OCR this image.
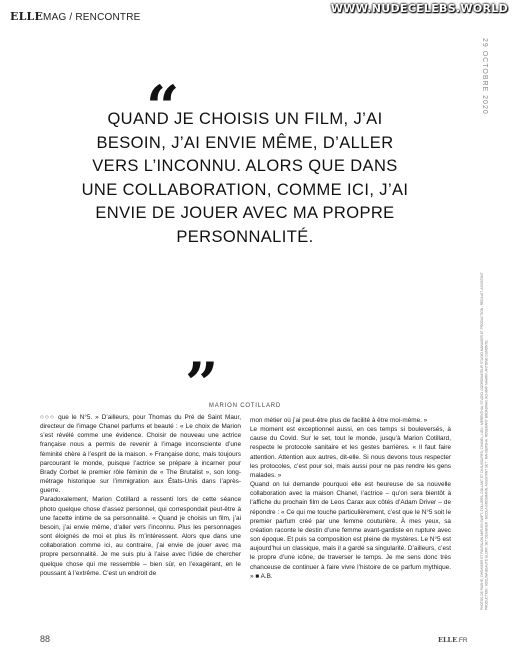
WWW.NUDECELEBS.WORLD
ELLEMAG / RENCONTRE
29 OCTOBRE 2020
PHOTOS DE RAGHE, CHEMISIER ET PANTALON AMPLES SWIFT, COLLIERS, COLLANT ET CHAUSSURES, CHANEL, LIEU : MERENTHAL STUDIO. COORDINATEUR STUDIO MANAGER ET PRODUCTION : RÉDA AIT. ASSISTANT PRODUCTION : ADELINA BEAUTÉ GLORY. SET DESIGNER : NICOLA GROSMANN. ASSISTANT SET : MAHSERSHA. ROSEMARY BROADWAY, ACHRAF MAARIF, ANTOINE DUMONTE.
“
QUAND JE CHOISIS UN FILM, J’AI BESOIN, J’AI ENVIE MÊME, D’ALLER VERS L’INCONNU. ALORS QUE DANS UNE COLLABORATION, COMME ICI, J’AI ENVIE DE JOUER AVEC MA PROPRE PERSONNALITÉ.
”
MARION COTILLARD

○○○ que le N°5. » D’ailleurs, pour Thomas du Pré de Saint Maur, directeur de l’image Chanel parfums et beauté : « Le choix de Marion s’est révélé comme une évidence. Choisir de nouveau une actrice française nous a permis de revenir à l’image inconsciente d’une féminité chère à l’esprit de la maison. » Française donc, mais toujours parcourant le monde, puisque l’actrice se prépare à incarner pour Brady Corbet le premier rôle féminin de « The Brutalist », son long-métrage historique sur l’immigration aux États-Unis dans l’après-guerre.

Paradoxalement, Marion Cotillard a ressenti lors de cette séance photo quelque chose d’assez personnel, qui correspondait peut-être à une facette intime de sa personnalité. « Quand je choisis un film, j’ai besoin, j’ai envie même, d’aller vers l’inconnu. Plus les personnages sont éloignés de moi et plus ils m’intéressent. Alors que dans une collaboration comme ici, au contraire, j’ai envie de jouer avec ma propre personnalité. Je me suis plu à l’aise avec l’idée de chercher quelque chose qui me ressemble – bien sûr, en l’exagérant, en le poussant à l’extrême. C’est un endroit de

mon métier où j’ai peut-être plus de facilité à être moi-même. »

Le moment est exceptionnel aussi, en ces temps si bouleversés, à cause du Covid. Sur le set, tout le monde, jusqu’à Marion Cotillard, respecte le protocole sanitaire et les gestes barrières. « Il faut faire attention. Attention aux autres, dit-elle. Si nous devons tous respecter les protocoles, c’est pour soi, mais aussi pour ne pas rendre les gens malades. »

Quand on lui demande pourquoi elle est heureuse de sa nouvelle collaboration avec la maison Chanel, l’actrice – qu’on sera bientôt à l’affiche du prochain film de Leos Carax aux côtés d’Adam Driver – de répondre : « Ce qui me touche particulièrement, c’est que le N°5 soit le premier parfum créé par une femme couturière. À mes yeux, sa création raconte le destin d’une femme avant-gardiste en rupture avec son époque. Et puis sa composition est pleine de mystères. Le N°5 est aujourd’hui un classique, mais il a gardé sa singularité. D’ailleurs, c’est le propre d’une icône, de traverser le temps. Je me sens donc très chanceuse de continuer à faire vivre l’histoire de ce parfum mythique. » ■ A.B.

88	ELLE.FR
